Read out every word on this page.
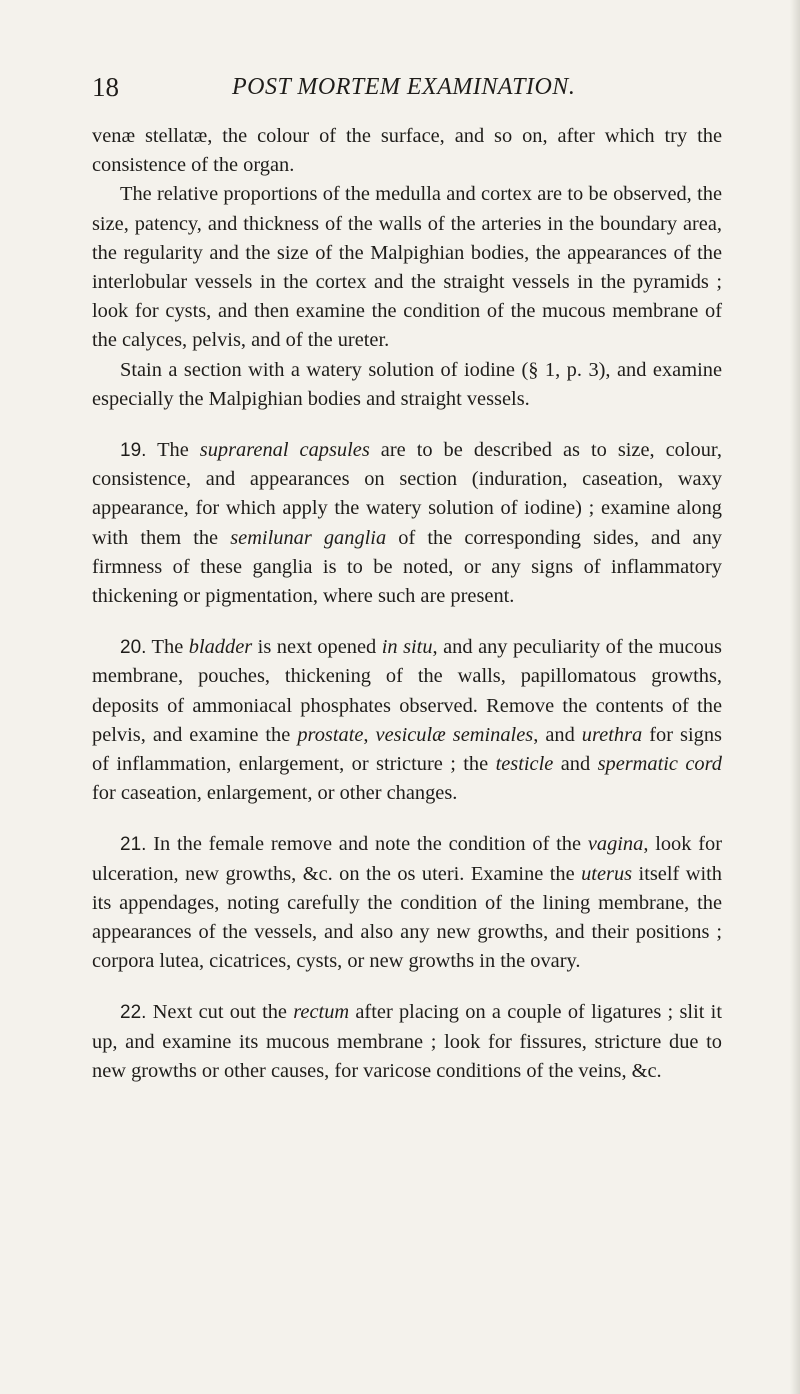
18	POST MORTEM EXAMINATION.

venæ stellatæ, the colour of the surface, and so on, after which try the consistence of the organ.

The relative proportions of the medulla and cortex are to be observed, the size, patency, and thickness of the walls of the arteries in the boundary area, the regularity and the size of the Malpighian bodies, the appearances of the interlobular vessels in the cortex and the straight vessels in the pyramids ; look for cysts, and then examine the condition of the mucous membrane of the calyces, pelvis, and of the ureter.

Stain a section with a watery solution of iodine (§ 1, p. 3), and examine especially the Malpighian bodies and straight vessels.

19. The suprarenal capsules are to be described as to size, colour, consistence, and appearances on section (induration, caseation, waxy appearance, for which apply the watery solution of iodine) ; examine along with them the semilunar ganglia of the corresponding sides, and any firmness of these ganglia is to be noted, or any signs of inflammatory thickening or pigmentation, where such are present.

20. The bladder is next opened in situ, and any peculiarity of the mucous membrane, pouches, thickening of the walls, papillomatous growths, deposits of ammoniacal phosphates observed. Remove the contents of the pelvis, and examine the prostate, vesiculæ seminales, and urethra for signs of inflammation, enlargement, or stricture ; the testicle and spermatic cord for caseation, enlargement, or other changes.

21. In the female remove and note the condition of the vagina, look for ulceration, new growths, &c. on the os uteri. Examine the uterus itself with its appendages, noting carefully the condition of the lining membrane, the appearances of the vessels, and also any new growths, and their positions ; corpora lutea, cicatrices, cysts, or new growths in the ovary.

22. Next cut out the rectum after placing on a couple of ligatures ; slit it up, and examine its mucous membrane ; look for fissures, stricture due to new growths or other causes, for varicose conditions of the veins, &c.
